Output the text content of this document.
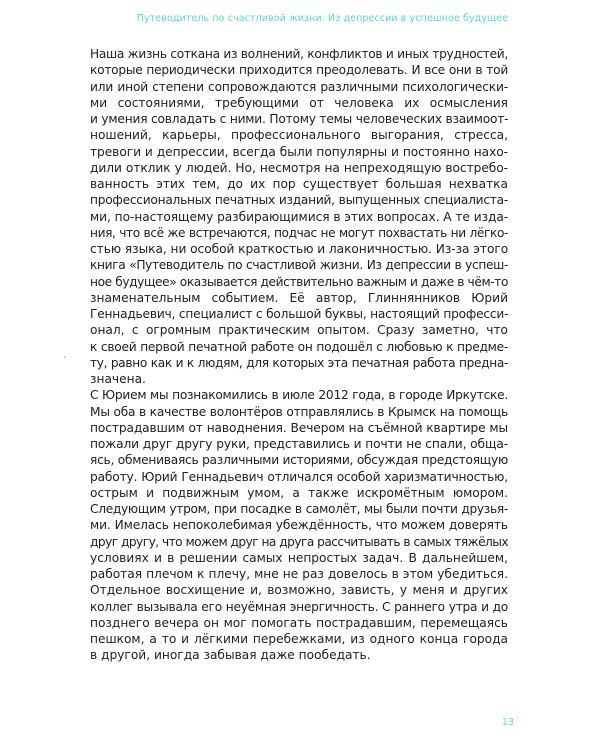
Путеводитель по счастливой жизни. Из депрессии в успешное будущее
ˌ

Наша жизнь соткана из волнений, конфликтов и иных трудностей,
которые периодически приходится преодолевать. И все они в той
или иной степени сопровождаются различными психологически-
ми состояниями, требующими от человека их осмысления
и умения совладать с ними. Потому темы человеческих взаимоот-
ношений, карьеры, профессионального выгорания, стресса,
тревоги и депрессии, всегда были популярны и постоянно нахо-
дили отклик у людей. Но, несмотря на непреходящую востребо-
ванность этих тем, до их пор существует большая нехватка
профессиональных печатных изданий, выпущенных специалиста-
ми, по-настоящему разбирающимися в этих вопросах. А те изда-
ния, что всё же встречаются, подчас не могут похвастать ни лёгко-
стью языка, ни особой краткостью и лаконичностью. Из-за этого
книга «Путеводитель по счастливой жизни. Из депрессии в успеш-
ное будущее» оказывается действительно важным и даже в чём-то
знаменательным событием. Её автор, Глиннянников Юрий
Геннадьевич, специалист с большой буквы, настоящий професси-
онал, с огромным практическим опытом. Сразу заметно, что
к своей первой печатной работе он подошёл с любовью к предме-
ту, равно как и к людям, для которых эта печатная работа предна-
значена.

С Юрием мы познакомились в июле 2012 года, в городе Иркутске.
Мы оба в качестве волонтёров отправлялись в Крымск на помощь
пострадавшим от наводнения. Вечером на съёмной квартире мы
пожали друг другу руки, представились и почти не спали, обща-
ясь, обмениваясь различными историями, обсуждая предстоящую
работу. Юрий Геннадьевич отличался особой харизматичностью,
острым и подвижным умом, а также искромётным юмором.
Следующим утром, при посадке в самолёт, мы были почти друзья-
ми. Имелась непоколебимая убеждённость, что можем доверять
друг другу, что можем друг на друга рассчитывать в самых тяжёлых
условиях и в решении самых непростых задач. В дальнейшем,
работая плечом к плечу, мне не раз довелось в этом убедиться.
Отдельное восхищение и, возможно, зависть, у меня и других
коллег вызывала его неуёмная энергичность. С раннего утра и до
позднего вечера он мог помогать пострадавшим, перемещаясь
пешком, а то и лёгкими перебежками, из одного конца города
в другой, иногда забывая даже пообедать.

13
